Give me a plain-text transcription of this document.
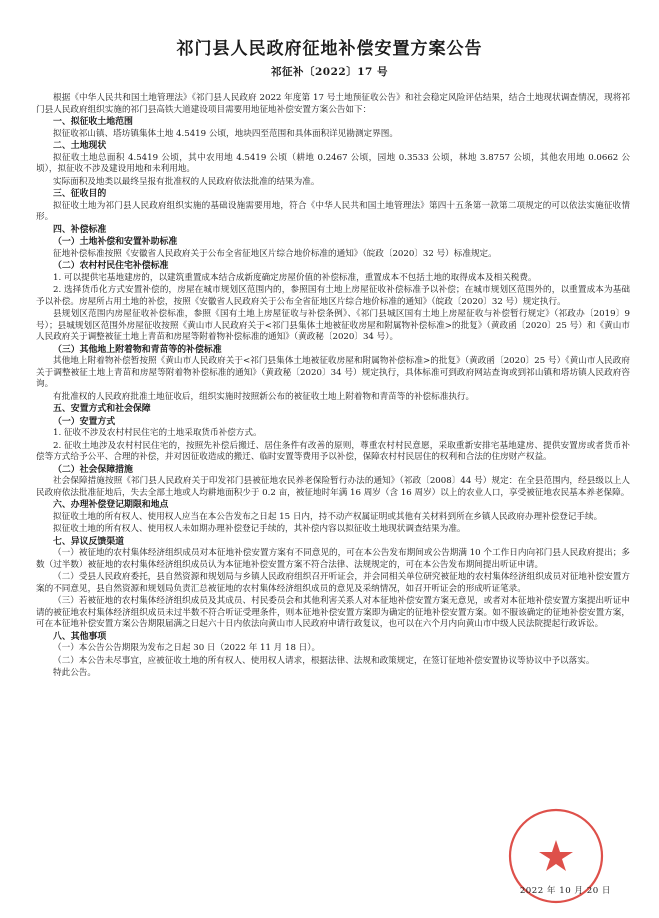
祁门县人民政府征地补偿安置方案公告
祁征补〔2022〕17 号

根据《中华人民共和国土地管理法》《祁门县人民政府 2022 年度第 17 号土地预征收公告》和社会稳定风险评估结果，结合土地现状调查情况，现将祁门县人民政府组织实施的祁门县高铁大道建设项目需要用地征地补偿安置方案公告如下：

一、拟征收土地范围

拟征收祁山镇、塔坊镇集体土地 4.5419 公顷，地块四至范围和具体面积详见勘测定界图。

二、土地现状

拟征收土地总面积 4.5419 公顷，其中农用地 4.5419 公顷（耕地 0.2467 公顷，园地 0.3533 公顷，林地 3.8757 公顷，其他农用地 0.0662 公顷），拟征收不涉及建设用地和未利用地。

实际面积及地类以最终呈报有批准权的人民政府依法批准的结果为准。

三、征收目的

拟征收土地为祁门县人民政府组织实施的基础设施需要用地，符合《中华人民共和国土地管理法》第四十五条第一款第二项规定的可以依法实施征收情形。

四、补偿标准

（一）土地补偿和安置补助标准

征地补偿标准按照《安徽省人民政府关于公布全省征地区片综合地价标准的通知》（皖政〔2020〕32 号）标准规定。

（二）农村村民住宅补偿标准

1. 可以提供宅基地建房的，以建筑重置成本结合成新度确定房屋价值的补偿标准，重置成本不包括土地的取得成本及相关税费。

2. 选择货币化方式安置补偿的，房屋在城市规划区范围内的，参照国有土地上房屋征收补偿标准予以补偿；在城市规划区范围外的，以重置成本为基础予以补偿。房屋所占用土地的补偿，按照《安徽省人民政府关于公布全省征地区片综合地价标准的通知》（皖政〔2020〕32 号）规定执行。

县规划区范围内房屋征收补偿标准，参照《国有土地上房屋征收与补偿条例》、《祁门县城区国有土地上房屋征收与补偿暂行规定》（祁政办〔2019〕9 号）；县城规划区范围外房屋征收按照《黄山市人民政府关于<祁门县集体土地被征收房屋和附属物补偿标准>的批复》（黄政函〔2020〕25 号）和《黄山市人民政府关于调整被征土地上青苗和房屋等附着物补偿标准的通知》（黄政秘〔2020〕34 号）。

（三）其他地上附着物和青苗等的补偿标准

其他地上附着物补偿暂按照《黄山市人民政府关于<祁门县集体土地被征收房屋和附属物补偿标准>的批复》（黄政函〔2020〕25 号）《黄山市人民政府关于调整被征土地上青苗和房屋等附着物补偿标准的通知》（黄政秘〔2020〕34 号）规定执行，具体标准可到政府网站查询或到祁山镇和塔坊镇人民政府咨询。

有批准权的人民政府批准土地征收后，组织实施时按照新公布的被征收土地上附着物和青苗等的补偿标准执行。

五、安置方式和社会保障

（一）安置方式

1. 征收不涉及农村村民住宅的土地采取货币补偿方式。

2. 征收土地涉及农村村民住宅的，按照先补偿后搬迁、居住条件有改善的原则，尊重农村村民意愿，采取重新安排宅基地建房、提供安置房或者货币补偿等方式给予公平、合理的补偿，并对因征收造成的搬迁、临时安置等费用予以补偿，保障农村村民居住的权利和合法的住房财产权益。

（二）社会保障措施

社会保障措施按照《祁门县人民政府关于印发祁门县被征地农民养老保险暂行办法的通知》（祁政〔2008〕44 号）规定：在全县范围内，经县级以上人民政府依法批准征地后，失去全部土地或人均耕地面积少于 0.2 亩，被征地时年满 16 周岁（含 16 周岁）以上的农业人口，享受被征地农民基本养老保障。

六、办理补偿登记期限和地点

拟征收土地的所有权人、使用权人应当在本公告发布之日起 15 日内，持不动产权属证明或其他有关材料到所在乡镇人民政府办理补偿登记手续。

拟征收土地的所有权人、使用权人未如期办理补偿登记手续的，其补偿内容以拟征收土地现状调查结果为准。

七、异议反馈渠道

（一）被征地的农村集体经济组织成员对本征地补偿安置方案有不同意见的，可在本公告发布期间或公告期满 10 个工作日内向祁门县人民政府提出；多数（过半数）被征地的农村集体经济组织成员认为本征地补偿安置方案不符合法律、法规规定的，可在本公告发布期间提出听证申请。

（二）受县人民政府委托，县自然资源和规划局与乡镇人民政府组织召开听证会，并会同相关单位研究被征地的农村集体经济组织成员对征地补偿安置方案的不同意见，县自然资源和规划局负责汇总被征地的农村集体经济组织成员的意见及采纳情况，如召开听证会的形成听证笔录。

（三）若被征地的农村集体经济组织成员及其成员、村民委员会和其他利害关系人对本征地补偿安置方案无意见，或者对本征地补偿安置方案提出听证申请的被征地农村集体经济组织成员未过半数不符合听证受理条件，则本征地补偿安置方案即为确定的征地补偿安置方案。如不服该确定的征地补偿安置方案，可在本征地补偿安置方案公告期限届满之日起六十日内依法向黄山市人民政府申请行政复议，也可以在六个月内向黄山市中级人民法院提起行政诉讼。

八、其他事项

（一）本公告公告期限为发布之日起 30 日（2022 年 11 月 18 日）。

（二）本公告未尽事宜，应被征收土地的所有权人、使用权人请求，根据法律、法规和政策规定，在签订征地补偿安置协议等协议中予以落实。

特此公告。

2022 年 10 月 20 日
